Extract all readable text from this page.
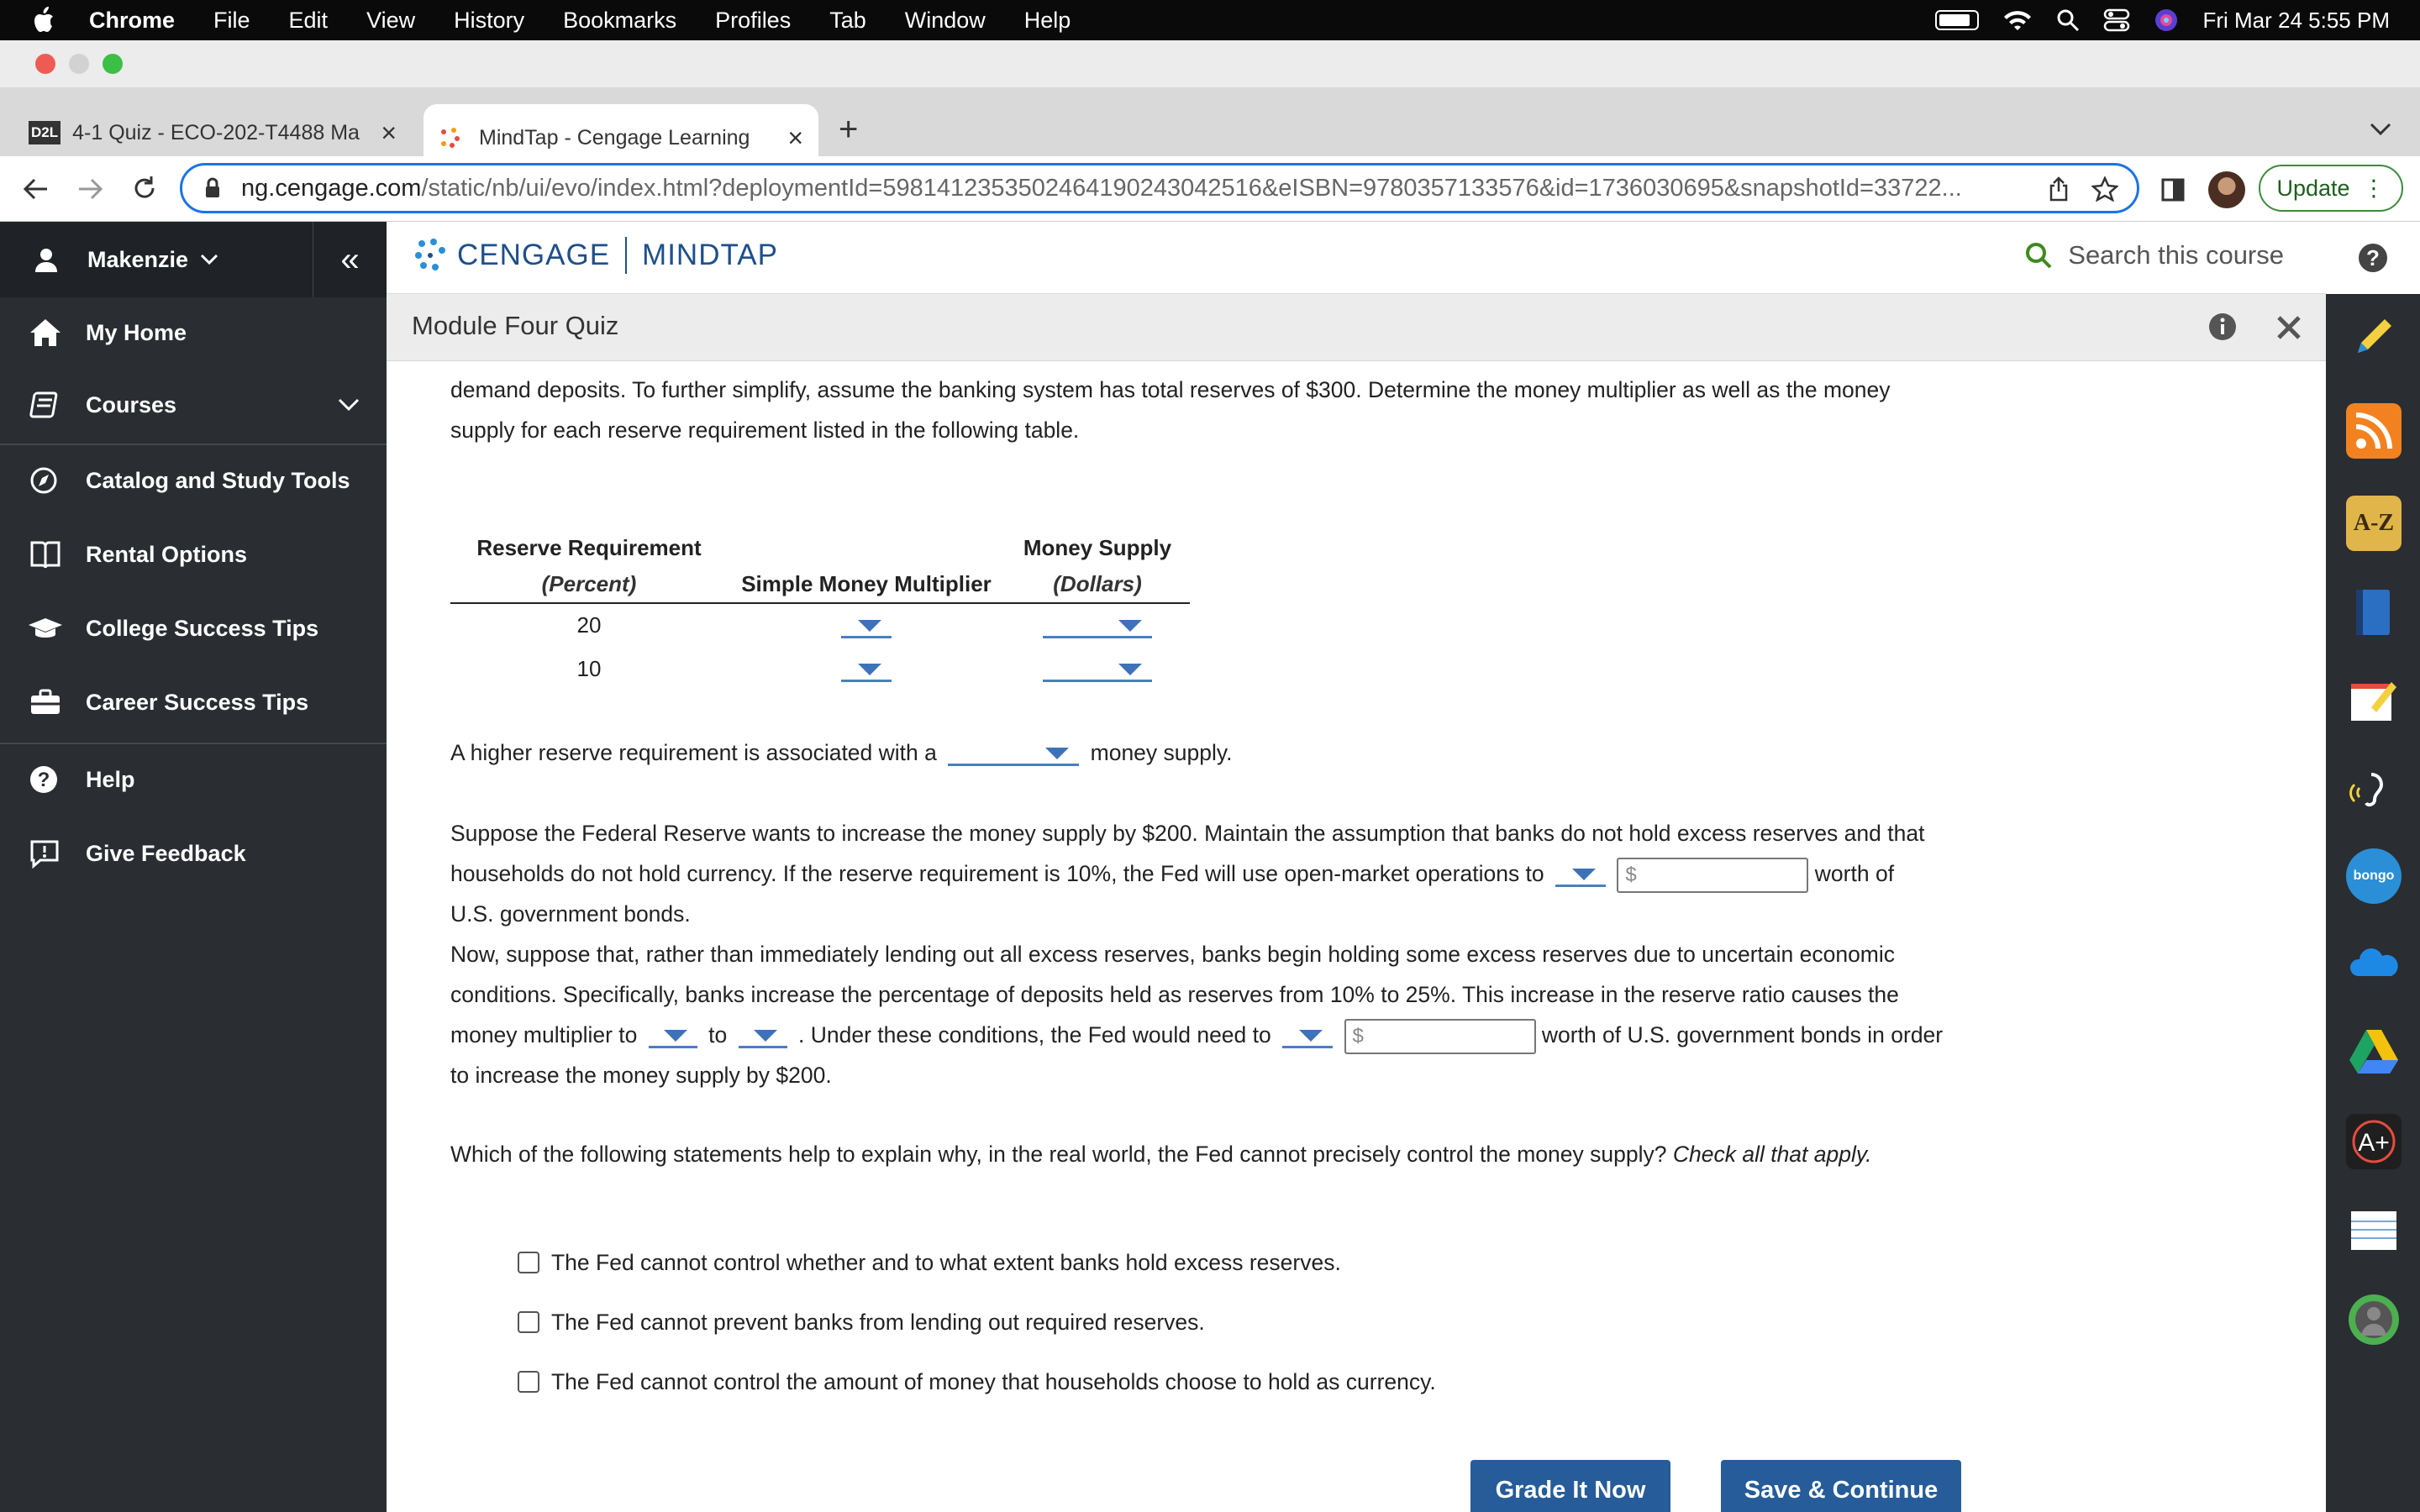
Chrome File Edit View History Bookmarks Profiles Tab Window Help	Fri Mar 24 5:55 PM
D2L 4-1 Quiz - ECO-202-T4488 Ma ×	MindTap - Cengage Learning × +
ng.cengage.com /static/nb/ui/evo/index.html?deploymentId=5981412353502464190243042516&eISBN=9780357133576&id=1736030695&snapshotId=33722...	Update ⋮
Makenzie	«
My Home
Courses
Catalog and Study Tools
Rental Options
College Success Tips
Career Success Tips
? Help
Give Feedback
CENGAGE MINDTAP	Search this course	?
Module Four Quiz
A-Z
bongo
A+
demand deposits. To further simplify, assume the banking system has total reserves of $300. Determine the money multiplier as well as the money
supply for each reserve requirement listed in the following table.
Reserve Requirement		Money Supply
(Percent)	Simple Money Multiplier	(Dollars)
20		
10		
A higher reserve requirement is associated with a	money supply.
Suppose the Federal Reserve wants to increase the money supply by $200. Maintain the assumption that banks do not hold excess reserves and that
households do not hold currency. If the reserve requirement is 10%, the Fed will use open-market operations to	$	worth of
U.S. government bonds.
Now, suppose that, rather than immediately lending out all excess reserves, banks begin holding some excess reserves due to uncertain economic
conditions. Specifically, banks increase the percentage of deposits held as reserves from 10% to 25%. This increase in the reserve ratio causes the
money multiplier to	to	. Under these conditions, the Fed would need to	$	worth of U.S. government bonds in order
to increase the money supply by $200.
Which of the following statements help to explain why, in the real world, the Fed cannot precisely control the money supply? Check all that apply.
The Fed cannot control whether and to what extent banks hold excess reserves.
The Fed cannot prevent banks from lending out required reserves.
The Fed cannot control the amount of money that households choose to hold as currency.
Grade It Now	Save & Continue
